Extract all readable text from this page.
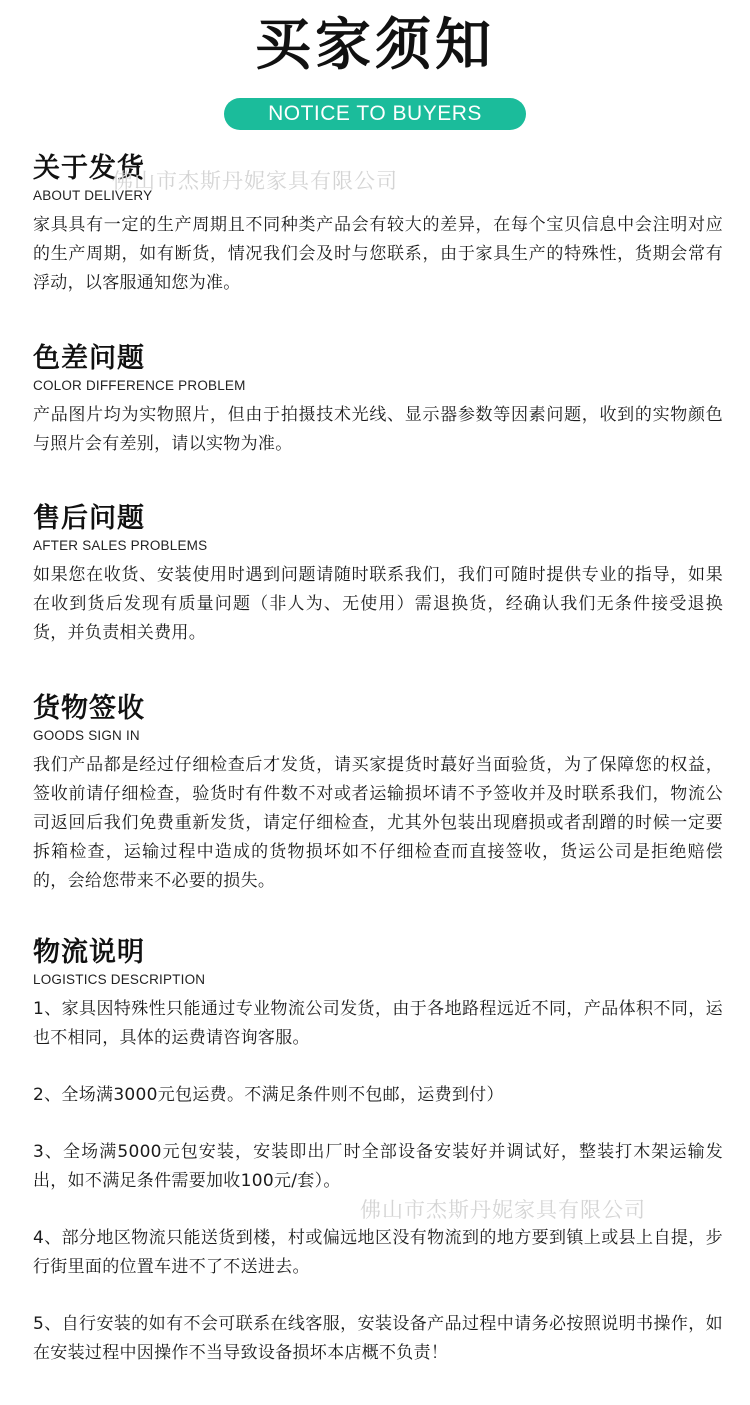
买家须知
NOTICE TO BUYERS
关于发货
ABOUT DELIVERY
家具具有一定的生产周期且不同种类产品会有较大的差异，在每个宝贝信息中会注明对应的生产周期，如有断货，情况我们会及时与您联系，由于家具生产的特殊性，货期会常有浮动，以客服通知您为准。
色差问题
COLOR DIFFERENCE PROBLEM
产品图片均为实物照片，但由于拍摄技术光线、显示器参数等因素问题，收到的实物颜色与照片会有差别，请以实物为准。
售后问题
AFTER SALES PROBLEMS
如果您在收货、安装使用时遇到问题请随时联系我们，我们可随时提供专业的指导，如果在收到货后发现有质量问题（非人为、无使用）需退换货，经确认我们无条件接受退换货，并负责相关费用。
货物签收
GOODS SIGN IN
我们产品都是经过仔细检查后才发货，请买家提货时蕞好当面验货，为了保障您的权益，签收前请仔细检查，验货时有件数不对或者运输损坏请不予签收并及时联系我们，物流公司返回后我们免费重新发货，请定仔细检查，尤其外包装出现磨损或者刮蹭的时候一定要拆箱检查，运输过程中造成的货物损坏如不仔细检查而直接签收，货运公司是拒绝赔偿的，会给您带来不必要的损失。
物流说明
LOGISTICS DESCRIPTION

1、家具因特殊性只能通过专业物流公司发货，由于各地路程远近不同，产品体积不同，运也不相同，具体的运费请咨询客服。

2、全场满3000元包运费。不满足条件则不包邮，运费到付）

3、全场满5000元包安装，安装即出厂时全部设备安装好并调试好，整装打木架运输发出，如不满足条件需要加收100元/套）。

4、部分地区物流只能送货到楼，村或偏远地区没有物流到的地方要到镇上或县上自提，步行街里面的位置车进不了不送进去。

5、自行安装的如有不会可联系在线客服，安装设备产品过程中请务必按照说明书操作，如在安装过程中因操作不当导致设备损坏本店概不负责！

佛山市杰斯丹妮家具有限公司
佛山市杰斯丹妮家具有限公司
